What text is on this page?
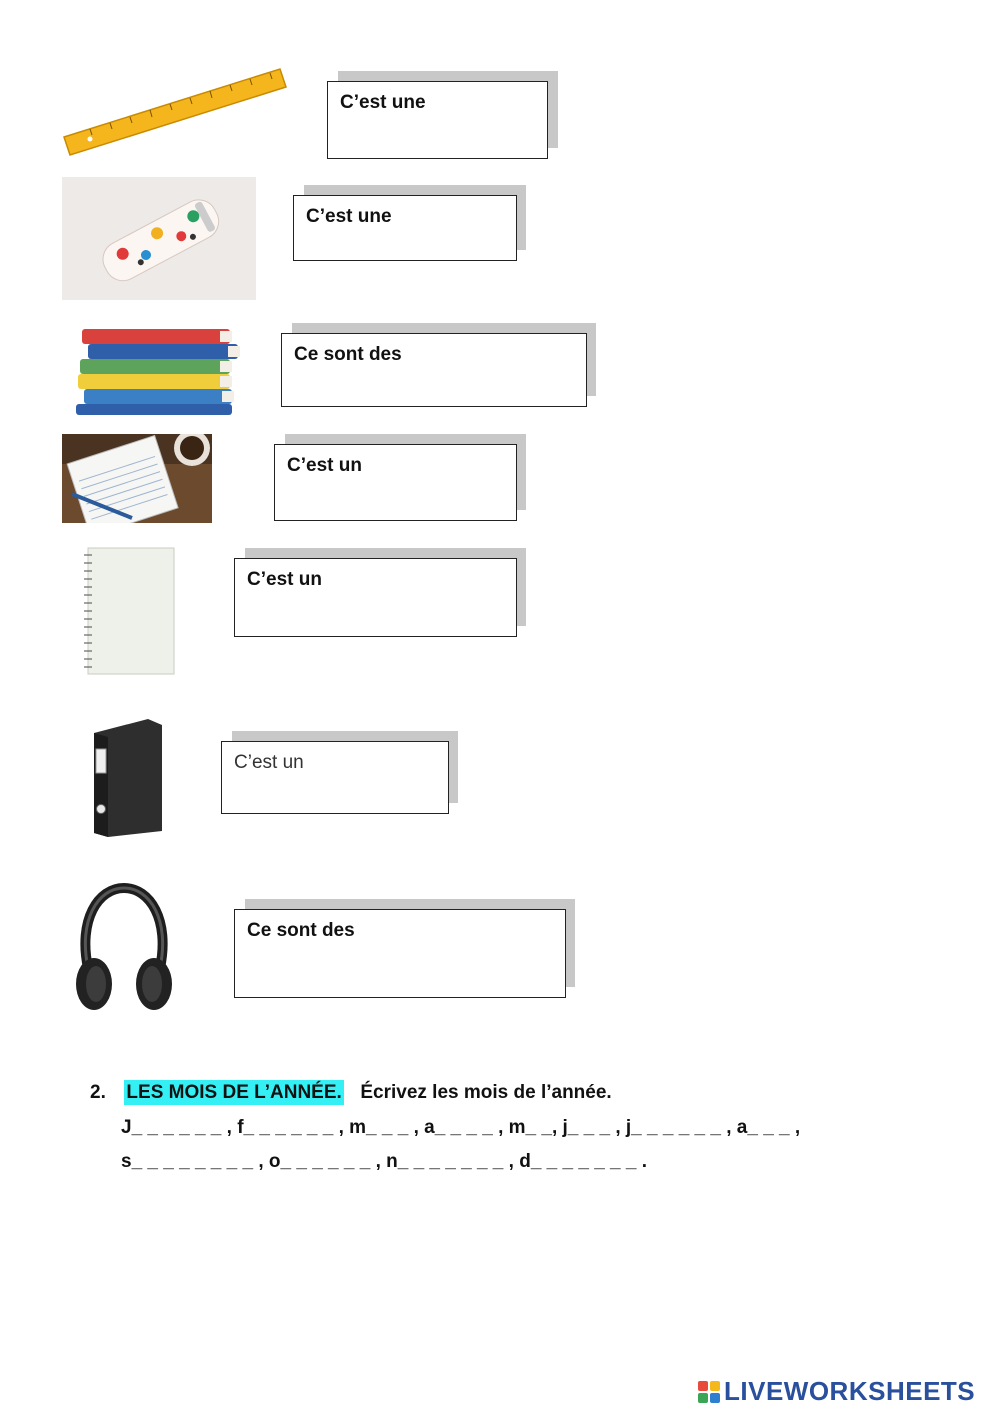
C’est une
C’est une
Ce sont des
C’est un
C’est un
C’est un
Ce sont des
2. LES MOIS DE L’ANNÉE. Écrivez les mois de l’année.
J_ _ _ _ _ _ , f_ _ _ _ _ _ , m_ _ _ , a_ _ _ _ , m_ _, j_ _ _ , j_ _ _ _ _ _ , a_ _ _ ,
s_ _ _ _ _ _ _ _ , o_ _ _ _ _ _ , n_ _ _ _ _ _ _ , d_ _ _ _ _ _ _ .
LIVEWORKSHEETS
